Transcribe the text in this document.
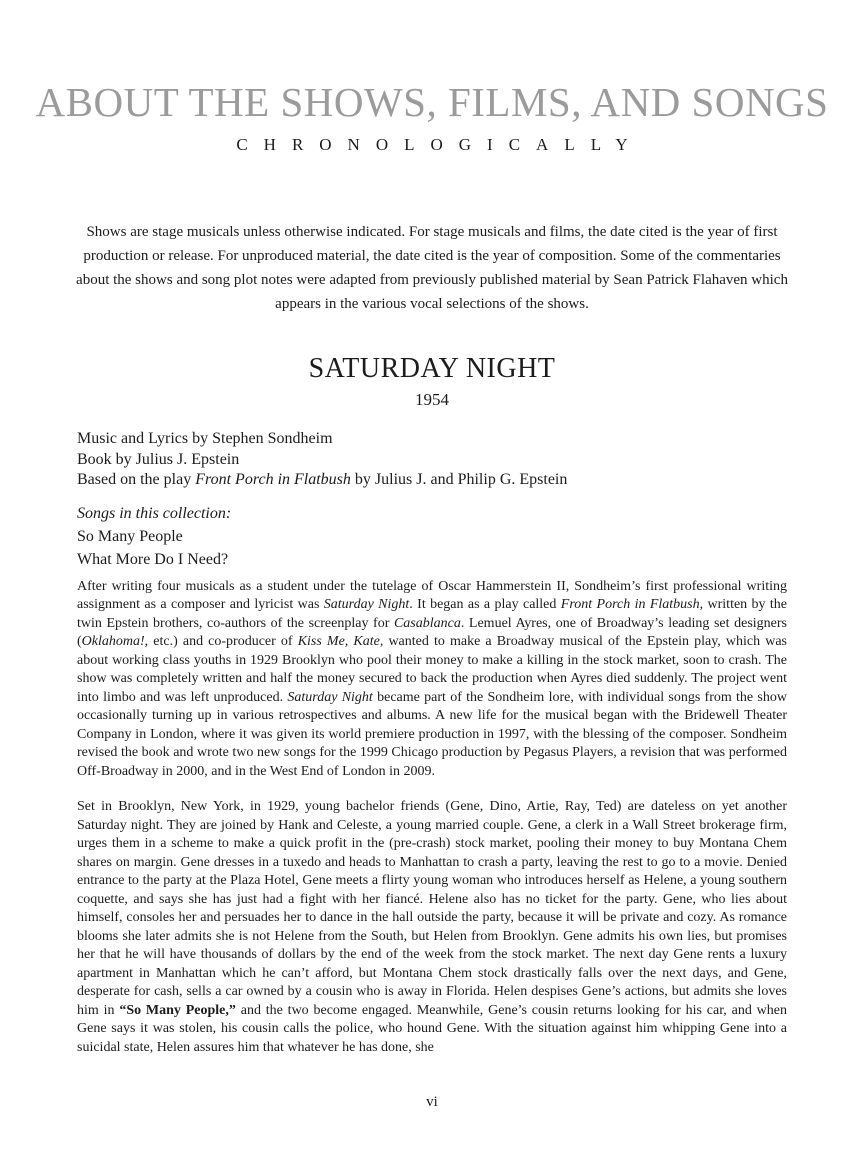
ABOUT THE SHOWS, FILMS, AND SONGS
CHRONOLOGICALLY

Shows are stage musicals unless otherwise indicated. For stage musicals and films, the date cited is the year of first production or release. For unproduced material, the date cited is the year of composition. Some of the commentaries about the shows and song plot notes were adapted from previously published material by Sean Patrick Flahaven which appears in the various vocal selections of the shows.

SATURDAY NIGHT
1954
Music and Lyrics by Stephen Sondheim
Book by Julius J. Epstein
Based on the play Front Porch in Flatbush by Julius J. and Philip G. Epstein
Songs in this collection:
So Many People
What More Do I Need?

After writing four musicals as a student under the tutelage of Oscar Hammerstein II, Sondheim’s first professional writing assignment as a composer and lyricist was Saturday Night. It began as a play called Front Porch in Flatbush, written by the twin Epstein brothers, co-authors of the screenplay for Casablanca. Lemuel Ayres, one of Broadway’s leading set designers (Oklahoma!, etc.) and co-producer of Kiss Me, Kate, wanted to make a Broadway musical of the Epstein play, which was about working class youths in 1929 Brooklyn who pool their money to make a killing in the stock market, soon to crash. The show was completely written and half the money secured to back the production when Ayres died suddenly. The project went into limbo and was left unproduced. Saturday Night became part of the Sondheim lore, with individual songs from the show occasionally turning up in various retrospectives and albums. A new life for the musical began with the Bridewell Theater Company in London, where it was given its world premiere production in 1997, with the blessing of the composer. Sondheim revised the book and wrote two new songs for the 1999 Chicago production by Pegasus Players, a revision that was performed Off-Broadway in 2000, and in the West End of London in 2009.

Set in Brooklyn, New York, in 1929, young bachelor friends (Gene, Dino, Artie, Ray, Ted) are dateless on yet another Saturday night. They are joined by Hank and Celeste, a young married couple. Gene, a clerk in a Wall Street brokerage firm, urges them in a scheme to make a quick profit in the (pre-crash) stock market, pooling their money to buy Montana Chem shares on margin. Gene dresses in a tuxedo and heads to Manhattan to crash a party, leaving the rest to go to a movie. Denied entrance to the party at the Plaza Hotel, Gene meets a flirty young woman who introduces herself as Helene, a young southern coquette, and says she has just had a fight with her fiancé. Helene also has no ticket for the party. Gene, who lies about himself, consoles her and persuades her to dance in the hall outside the party, because it will be private and cozy. As romance blooms she later admits she is not Helene from the South, but Helen from Brooklyn. Gene admits his own lies, but promises her that he will have thousands of dollars by the end of the week from the stock market. The next day Gene rents a luxury apartment in Manhattan which he can’t afford, but Montana Chem stock drastically falls over the next days, and Gene, desperate for cash, sells a car owned by a cousin who is away in Florida. Helen despises Gene’s actions, but admits she loves him in “So Many People,” and the two become engaged. Meanwhile, Gene’s cousin returns looking for his car, and when Gene says it was stolen, his cousin calls the police, who hound Gene. With the situation against him whipping Gene into a suicidal state, Helen assures him that whatever he has done, she

vi
